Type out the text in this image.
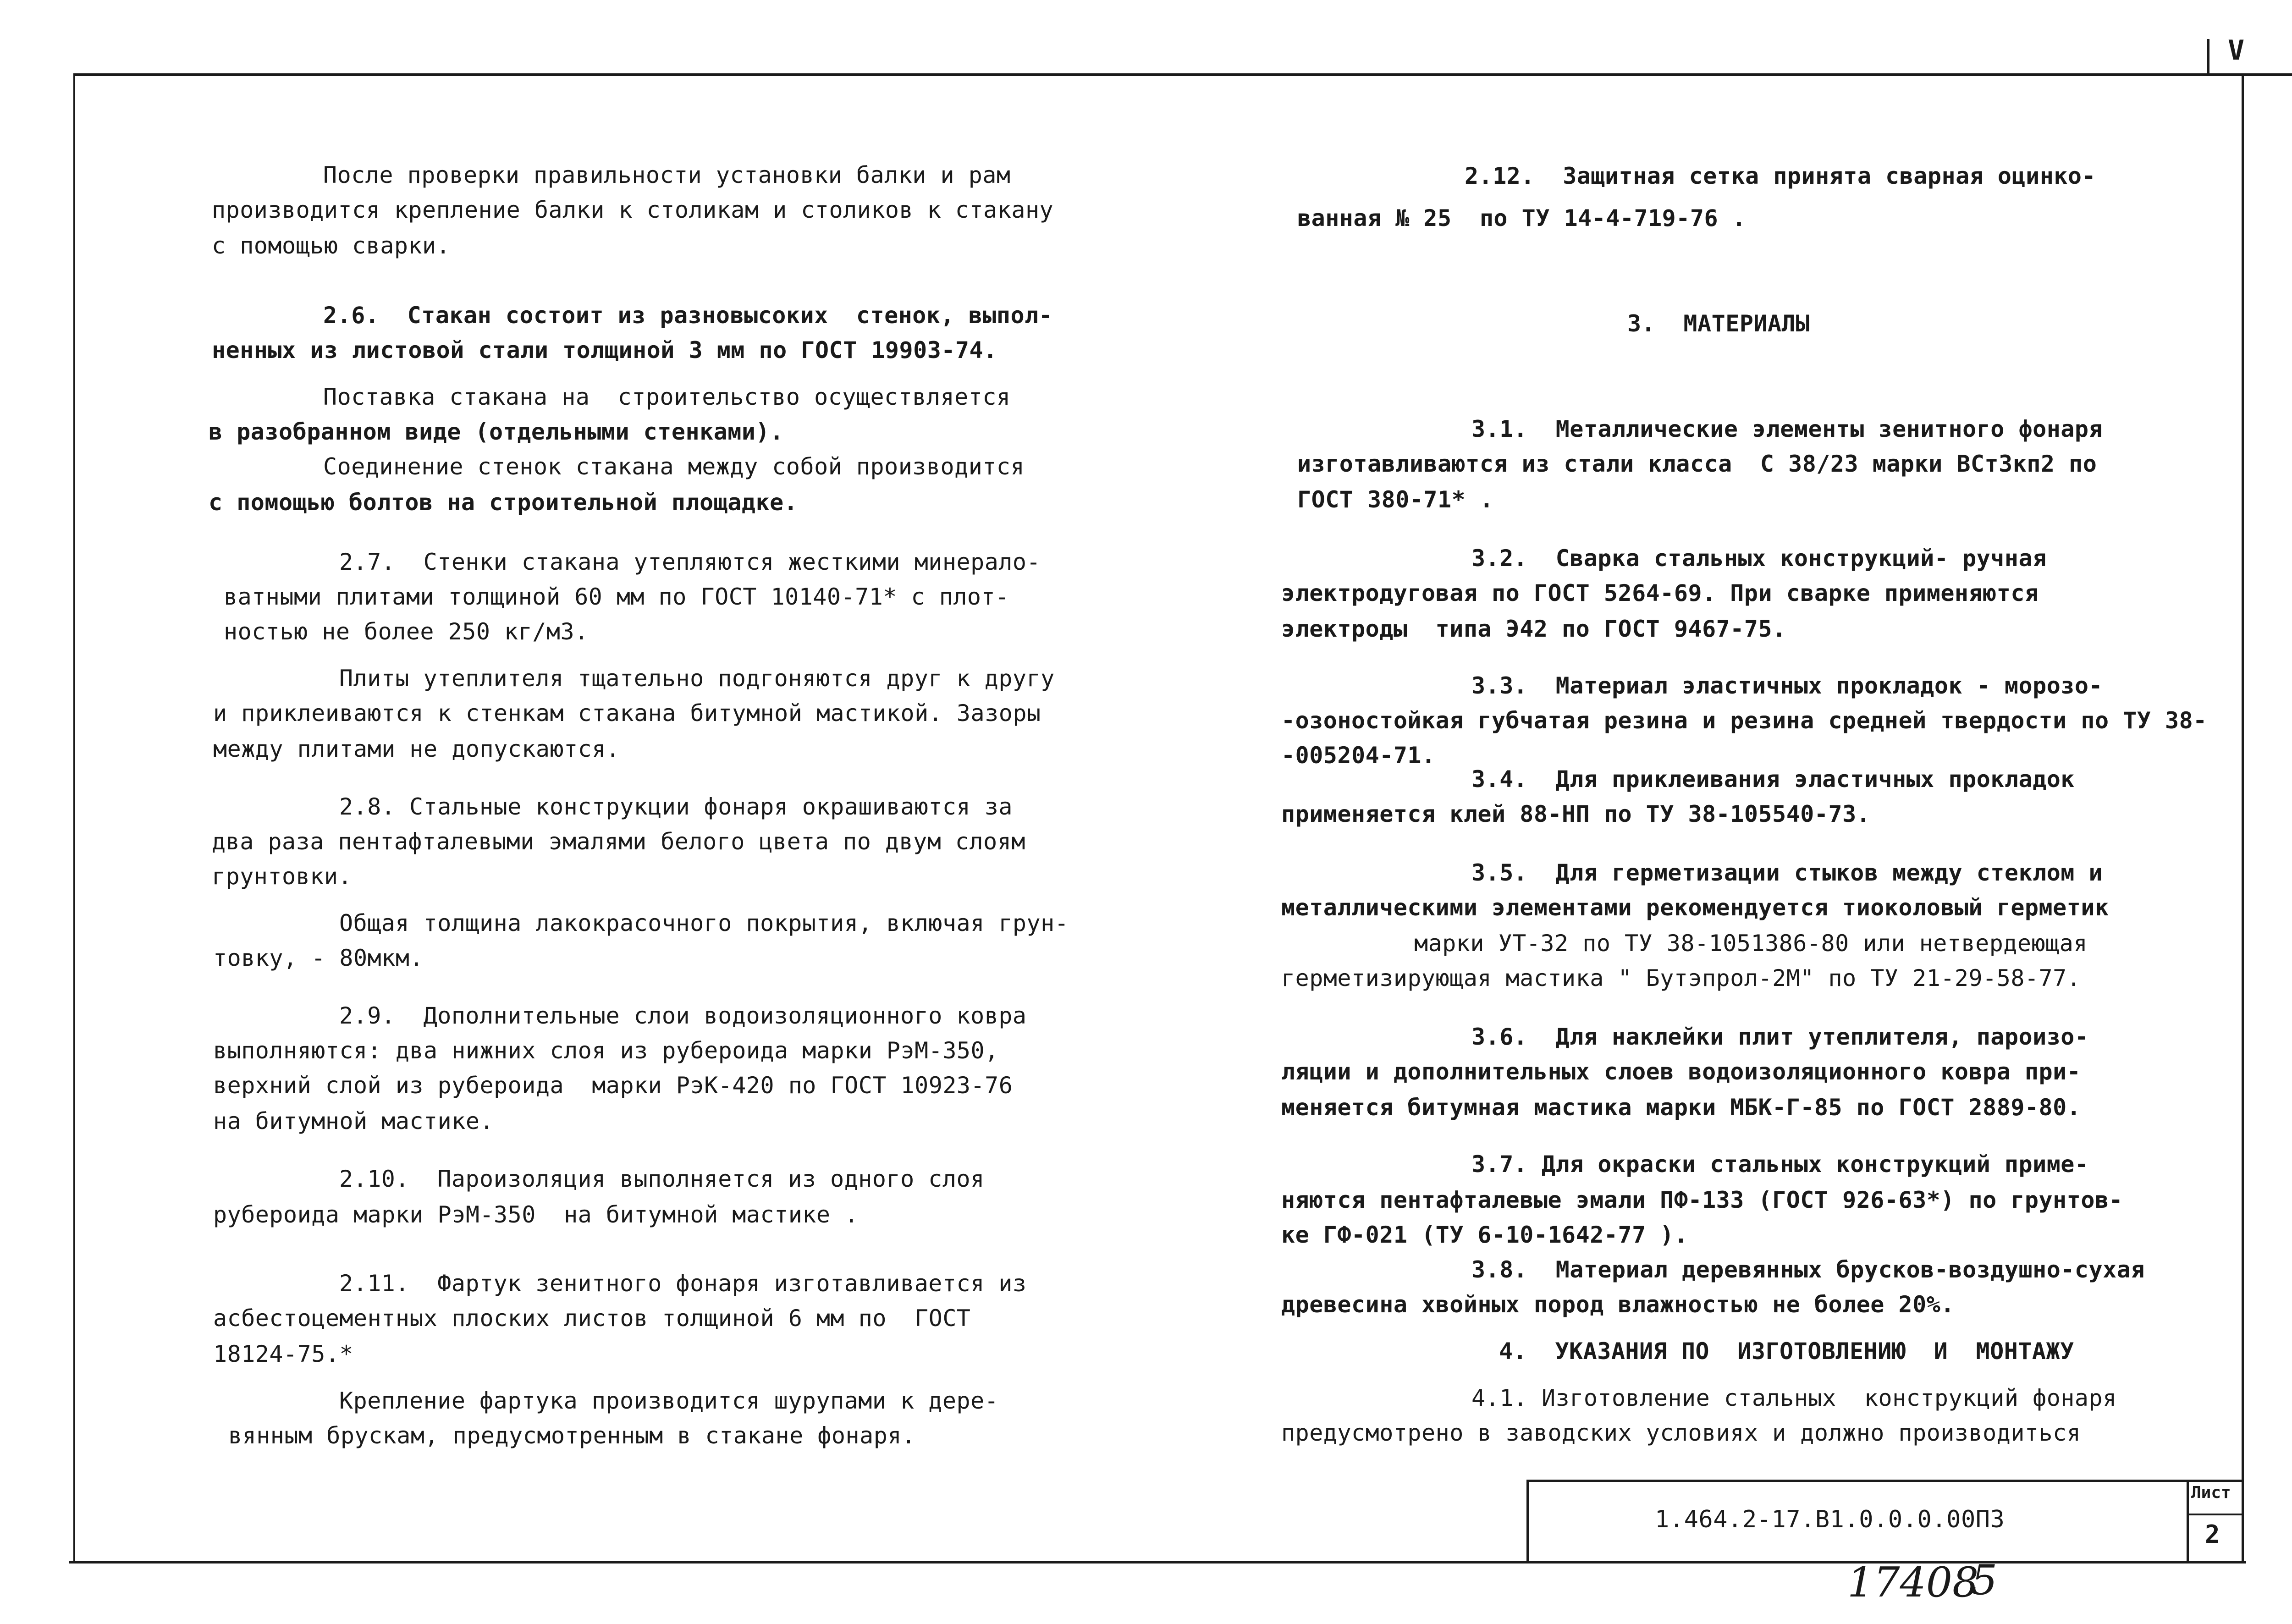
V
После проверки правильности установки балки и рам
производится крепление балки к столикам и столиков к стакану
с помощью сварки.
2.6.  Стакан состоит из разновысоких  стенок, выпол-
ненных из листовой стали толщиной 3 мм по ГОСТ 19903-74.
Поставка стакана на  строительство осуществляется
в разобранном виде (отдельными стенками).
Соединение стенок стакана между собой производится
с помощью болтов на строительной площадке.
2.7.  Стенки стакана утепляются жесткими минерало-
ватными плитами толщиной 60 мм по ГОСТ 10140-71* с плот-
ностью не более 250 кг/м3.
Плиты утеплителя тщательно подгоняются друг к другу
и приклеиваются к стенкам стакана битумной мастикой. Зазоры
между плитами не допускаются.
2.8. Стальные конструкции фонаря окрашиваются за
два раза пентафталевыми эмалями белого цвета по двум слоям
грунтовки.
Общая толщина лакокрасочного покрытия, включая грун-
товку, - 80мкм.
2.9.  Дополнительные слои водоизоляционного ковра
выполняются: два нижних слоя из рубероида марки РэМ-350,
верхний слой из рубероида  марки РэК-420 по ГОСТ 10923-76
на битумной мастике.
2.10.  Пароизоляция выполняется из одного слоя
рубероида марки РэМ-350  на битумной мастике .
2.11.  Фартук зенитного фонаря изготавливается из
асбестоцементных плоских листов толщиной 6 мм по  ГОСТ
18124-75.*
Крепление фартука производится шурупами к дере-
вянным брускам, предусмотренным в стакане фонаря.
2.12.  Защитная сетка принята сварная оцинко-
ванная № 25  по ТУ 14-4-719-76 .
3.  МАТЕРИАЛЫ
3.1.  Металлические элементы зенитного фонаря
изготавливаются из стали класса  С 38/23 марки ВСт3кп2 по
ГОСТ 380-71* .
3.2.  Сварка стальных конструкций- ручная
электродуговая по ГОСТ 5264-69. При сварке применяются
электроды  типа Э42 по ГОСТ 9467-75.
3.3.  Материал эластичных прокладок - морозо-
-озоностойкая губчатая резина и резина средней твердости по ТУ 38-
-005204-71.
3.4.  Для приклеивания эластичных прокладок
применяется клей 88-НП по ТУ 38-105540-73.
3.5.  Для герметизации стыков между стеклом и
металлическими элементами рекомендуется тиоколовый герметик
марки УТ-32 по ТУ 38-1051386-80 или нетвердеющая
герметизирующая мастика " Бутэпрол-2М" по ТУ 21-29-58-77.
3.6.  Для наклейки плит утеплителя, пароизо-
ляции и дополнительных слоев водоизоляционного ковра при-
меняется битумная мастика марки МБК-Г-85 по ГОСТ 2889-80.
3.7. Для окраски стальных конструкций приме-
няются пентафталевые эмали ПФ-133 (ГОСТ 926-63*) по грунтов-
ке ГФ-021 (ТУ 6-10-1642-77 ).
3.8.  Материал деревянных брусков-воздушно-сухая
древесина хвойных пород влажностью не более 20%.
4.  УКАЗАНИЯ ПО  ИЗГОТОВЛЕНИЮ  И  МОНТАЖУ
4.1. Изготовление стальных  конструкций фонаря
предусмотрено в заводских условиях и должно производиться
1.464.2-17.В1.0.0.0.00ПЗ
Лист
2
17408
5
